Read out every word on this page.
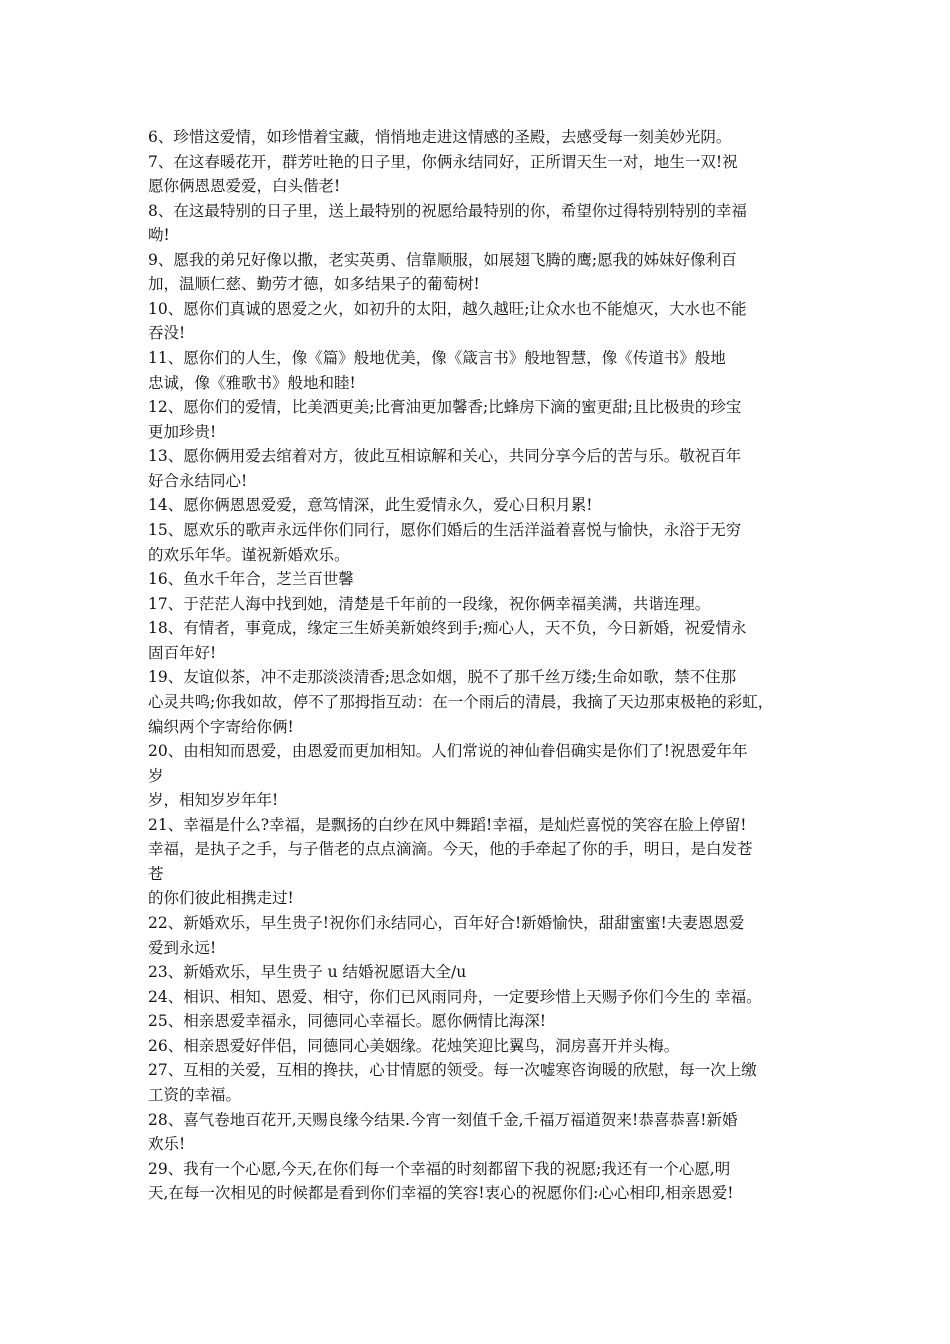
6、珍惜这爱情，如珍惜着宝藏，悄悄地走进这情感的圣殿，去感受每一刻美妙光阴。

7、在这春暖花开，群芳吐艳的日子里，你俩永结同好，正所谓天生一对，地生一双!祝

愿你俩恩恩爱爱，白头偕老!

8、在这最特别的日子里，送上最特别的祝愿给最特别的你，希望你过得特别特别的幸福

呦!

9、愿我的弟兄好像以撒，老实英勇、信靠顺服，如展翅飞腾的鹰;愿我的姊妹好像利百

加，温顺仁慈、勤劳才德，如多结果子的葡萄树!

10、愿你们真诚的恩爱之火，如初升的太阳，越久越旺;让众水也不能熄灭，大水也不能

吞没!

11、愿你们的人生，像《篇》般地优美，像《箴言书》般地智慧，像《传道书》般地

忠诚，像《雅歌书》般地和睦!

12、愿你们的爱情，比美洒更美;比膏油更加馨香;比蜂房下滴的蜜更甜;且比极贵的珍宝

更加珍贵!

13、愿你俩用爱去绾着对方，彼此互相谅解和关心，共同分享今后的苦与乐。敬祝百年

好合永结同心!

14、愿你俩恩恩爱爱，意笃情深，此生爱情永久，爱心日积月累!

15、愿欢乐的歌声永远伴你们同行，愿你们婚后的生活洋溢着喜悦与愉快，永浴于无穷

的欢乐年华。谨祝新婚欢乐。

16、鱼水千年合，芝兰百世馨

17、于茫茫人海中找到她，清楚是千年前的一段缘，祝你俩幸福美满，共谐连理。

18、有情者，事竟成，缘定三生娇美新娘终到手;痴心人，天不负，今日新婚，祝爱情永

固百年好!

19、友谊似茶，冲不走那淡淡清香;思念如烟，脱不了那千丝万缕;生命如歌，禁不住那

心灵共鸣;你我如故，停不了那拇指互动：在一个雨后的清晨，我摘了天边那束极艳的彩虹，

编织两个字寄给你俩!

20、由相知而恩爱，由恩爱而更加相知。人们常说的神仙眷侣确实是你们了!祝恩爱年年

岁

岁，相知岁岁年年!

21、幸福是什么?幸福，是飘扬的白纱在风中舞蹈!幸福，是灿烂喜悦的笑容在脸上停留!

幸福，是执子之手，与子偕老的点点滴滴。今天，他的手牵起了你的手，明日，是白发苍

苍

的你们彼此相携走过!

22、新婚欢乐，早生贵子!祝你们永结同心，百年好合!新婚愉快，甜甜蜜蜜!夫妻恩恩爱

爱到永远!

23、新婚欢乐，早生贵子 u 结婚祝愿语大全/u

24、相识、相知、恩爱、相守，你们已风雨同舟，一定要珍惜上天赐予你们今生的 幸福。

25、相亲恩爱幸福永，同德同心幸福长。愿你俩情比海深!

26、相亲恩爱好伴侣，同德同心美姻缘。花烛笑迎比翼鸟，洞房喜开并头梅。

27、互相的关爱，互相的搀扶，心甘情愿的领受。每一次嘘寒咨询暖的欣慰，每一次上缴

工资的幸福。

28、喜气卷地百花开,天赐良缘今结果.今宵一刻值千金,千福万福道贺来!恭喜恭喜!新婚

欢乐!

29、我有一个心愿,今天,在你们每一个幸福的时刻都留下我的祝愿;我还有一个心愿,明

天,在每一次相见的时候都是看到你们幸福的笑容!衷心的祝愿你们:心心相印,相亲恩爱!
